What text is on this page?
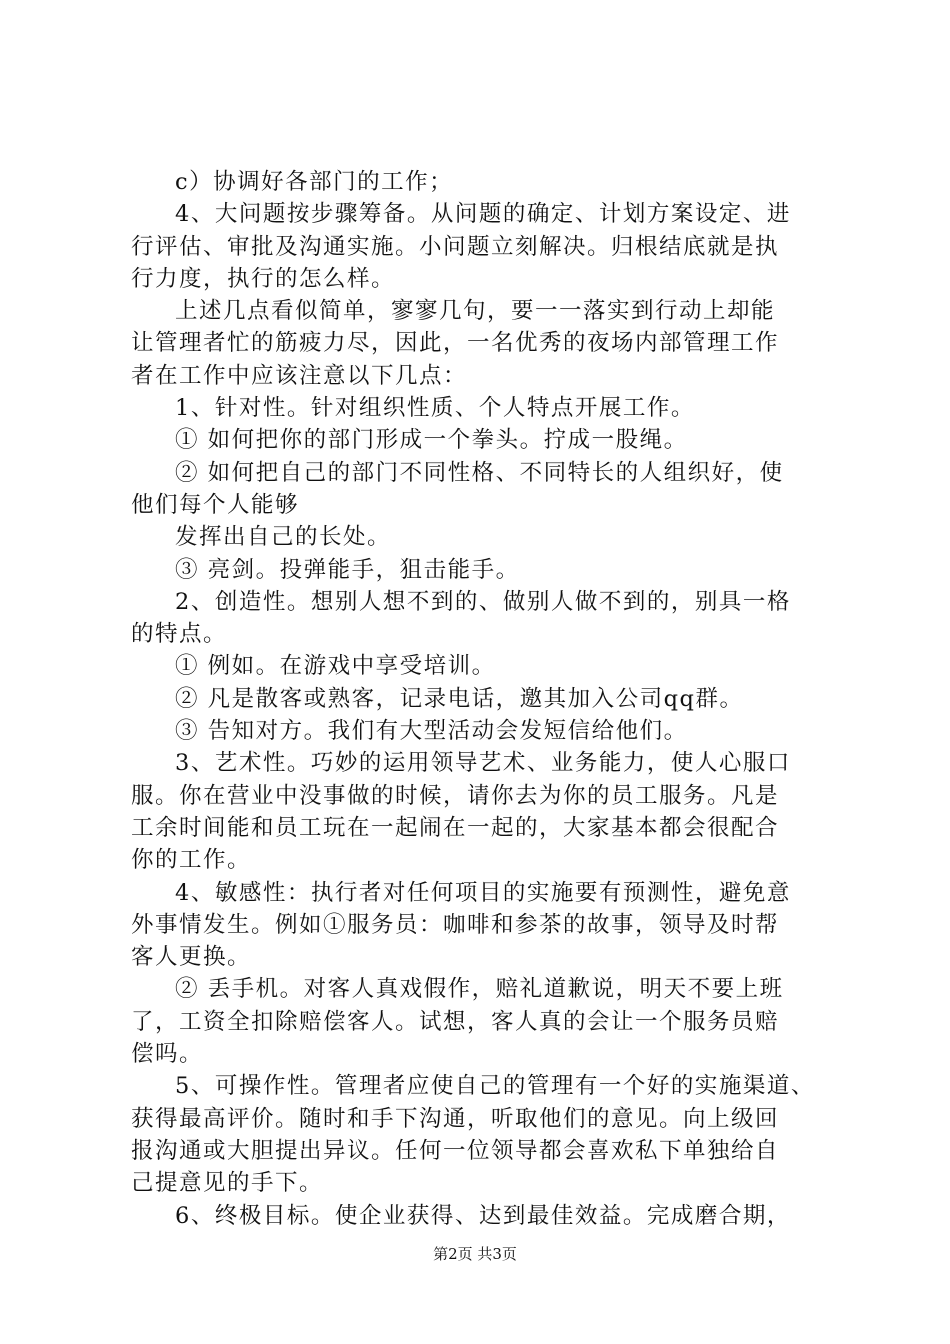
c）协调好各部门的工作；
4、大问题按步骤筹备。从问题的确定、计划方案设定、进
行评估、审批及沟通实施。小问题立刻解决。归根结底就是执
行力度，执行的怎么样。
上述几点看似简单，寥寥几句，要一一落实到行动上却能
让管理者忙的筋疲力尽，因此，一名优秀的夜场内部管理工作
者在工作中应该注意以下几点：
1、针对性。针对组织性质、个人特点开展工作。
① 如何把你的部门形成一个拳头。拧成一股绳。
② 如何把自己的部门不同性格、不同特长的人组织好，使
他们每个人能够
发挥出自己的长处。
③ 亮剑。投弹能手，狙击能手。
2、创造性。想别人想不到的、做别人做不到的，别具一格
的特点。
① 例如。在游戏中享受培训。
② 凡是散客或熟客，记录电话，邀其加入公司qq群。
③ 告知对方。我们有大型活动会发短信给他们。
3、艺术性。巧妙的运用领导艺术、业务能力，使人心服口
服。你在营业中没事做的时候，请你去为你的员工服务。凡是
工余时间能和员工玩在一起闹在一起的，大家基本都会很配合
你的工作。
4、敏感性：执行者对任何项目的实施要有预测性，避免意
外事情发生。例如①服务员：咖啡和参茶的故事，领导及时帮
客人更换。
② 丢手机。对客人真戏假作，赔礼道歉说，明天不要上班
了，工资全扣除赔偿客人。试想，客人真的会让一个服务员赔
偿吗。
5、可操作性。管理者应使自己的管理有一个好的实施渠道、
获得最高评价。随时和手下沟通，听取他们的意见。向上级回
报沟通或大胆提出异议。任何一位领导都会喜欢私下单独给自
己提意见的手下。
6、终极目标。使企业获得、达到最佳效益。完成磨合期，
第2页 共3页
